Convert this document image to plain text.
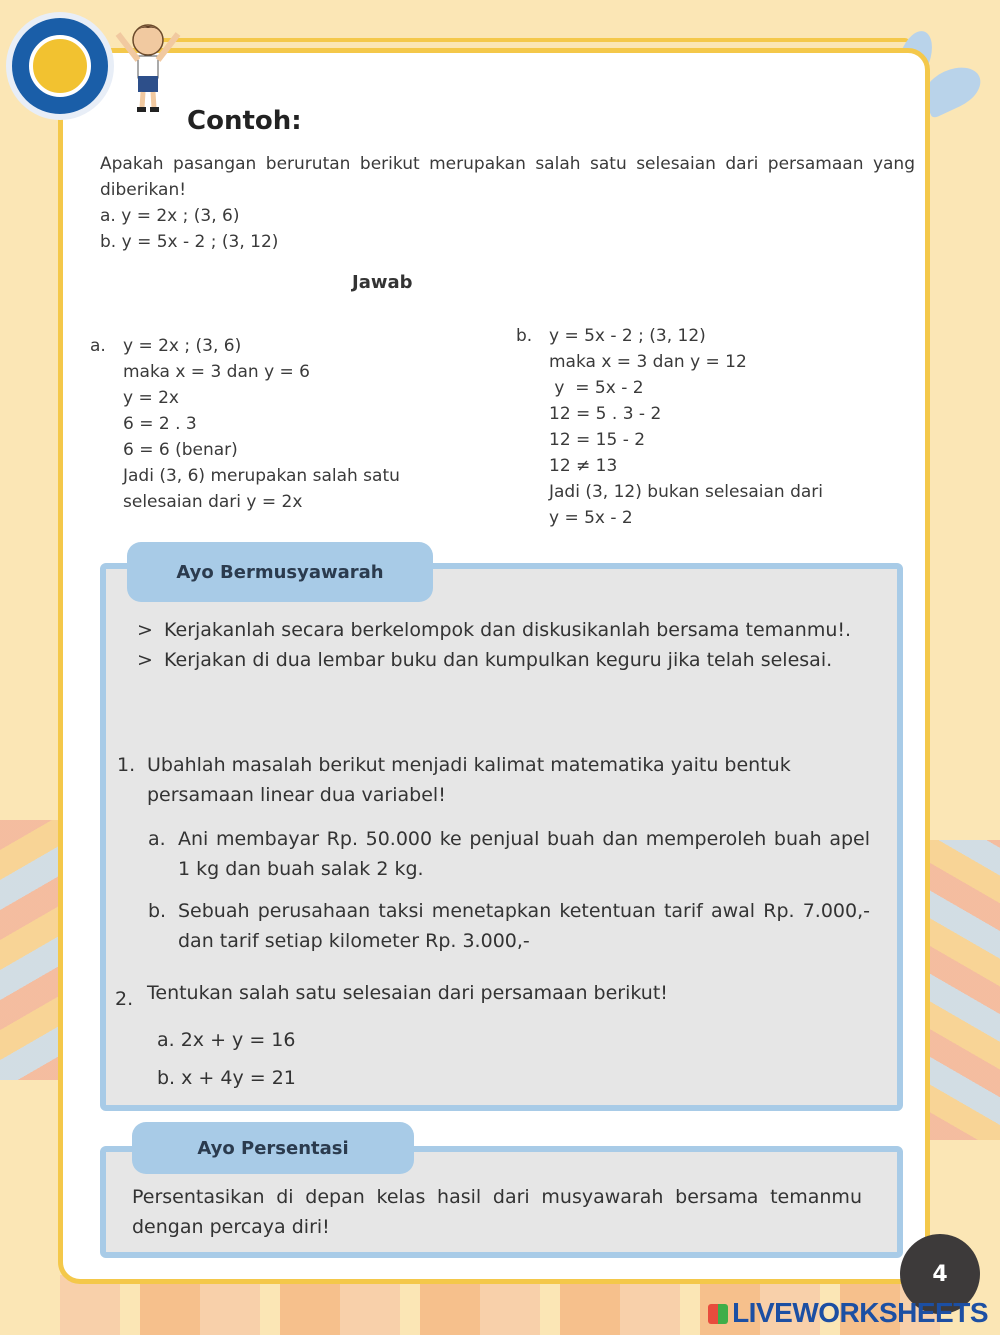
Contoh:

Apakah pasangan berurutan berikut merupakan salah satu selesaian dari persamaan yang diberikan!

a. y = 2x ; (3, 6)

b. y = 5x - 2 ; (3, 12)

Jawab
a. y = 2x ; (3, 6)
maka x = 3 dan y = 6
y = 2x
6 = 2 . 3
6 = 6 (benar)
Jadi (3, 6) merupakan salah satu
selesaian dari y = 2x
b. y = 5x - 2 ; (3, 12)
maka x = 3 dan y = 12
y  = 5x - 2
12 = 5 . 3 - 2
12 = 15 - 2
12 ≠ 13
Jadi (3, 12) bukan selesaian dari
y = 5x - 2
Ayo Bermusyawarah
> Kerjakanlah secara berkelompok dan diskusikanlah bersama temanmu!.
> Kerjakan di dua lembar buku dan kumpulkan keguru jika telah selesai.
1. Ubahlah masalah berikut menjadi kalimat matematika yaitu bentuk persamaan linear dua variabel!
a. Ani membayar Rp. 50.000 ke penjual buah dan memperoleh buah apel 1 kg dan buah salak 2 kg.
b. Sebuah perusahaan taksi menetapkan ketentuan tarif awal Rp. 7.000,- dan tarif setiap kilometer Rp. 3.000,-
2. Tentukan salah satu selesaian dari persamaan berikut!
a. 2x + y = 16
b. x + 4y = 21
Ayo Persentasi
Persentasikan di depan kelas hasil dari musyawarah bersama temanmu dengan percaya diri!
4
LIVEWORKSHEETS
